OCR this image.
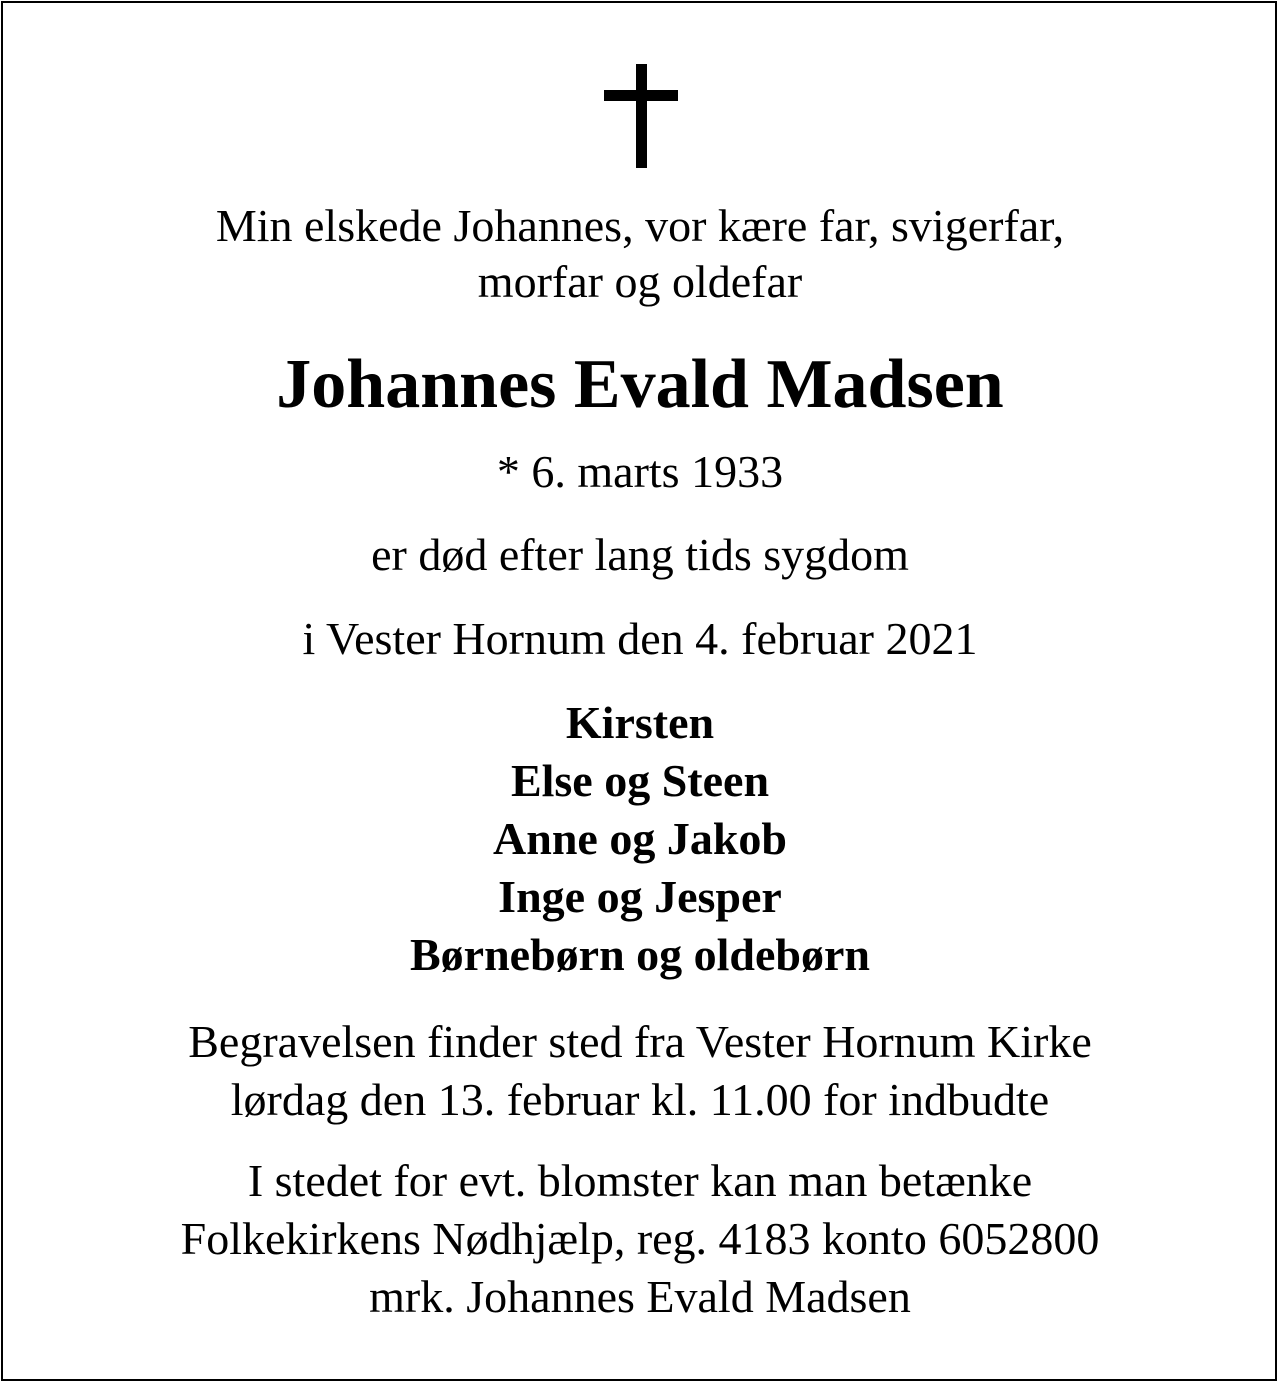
Min elskede Johannes, vor kære far, svigerfar,
morfar og oldefar
Johannes Evald Madsen
* 6. marts 1933
er død efter lang tids sygdom
i Vester Hornum den 4. februar 2021
Kirsten
Else og Steen
Anne og Jakob
Inge og Jesper
Børnebørn og oldebørn
Begravelsen finder sted fra Vester Hornum Kirke
lørdag den 13. februar kl. 11.00 for indbudte
I stedet for evt. blomster kan man betænke
Folkekirkens Nødhjælp, reg. 4183 konto 6052800
mrk. Johannes Evald Madsen
